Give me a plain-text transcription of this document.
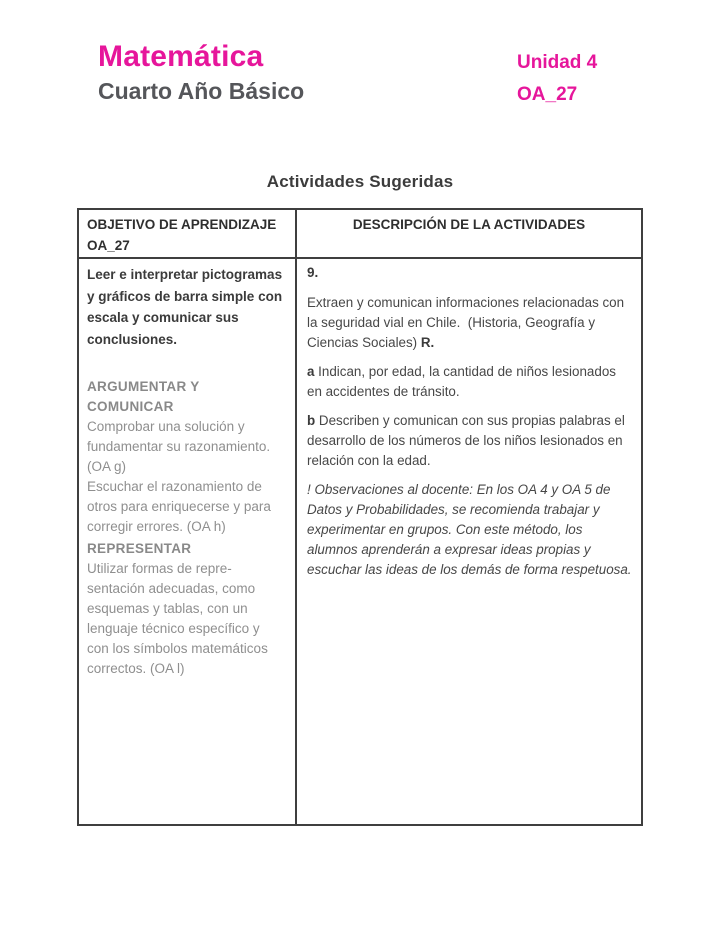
Matemática
Cuarto Año Básico
Unidad 4
OA_27
Actividades Sugeridas
OBJETIVO DE APRENDIZAJE
OA_27
DESCRIPCIÓN DE LA ACTIVIDADES
Leer e interpretar pictogramas
y gráficos de barra simple con
escala y comunicar sus
conclusiones.
ARGUMENTAR Y COMUNICAR
Comprobar una solución y
fundamentar su razonamiento.
(OA g)
Escuchar el razonamiento de
otros para enriquecerse y para
corregir errores. (OA h)
REPRESENTAR
Utilizar formas de repre-
sentación adecuadas, como
esquemas y tablas, con un
lenguaje técnico específico y
con los símbolos matemáticos
correctos. (OA l)
9.

Extraen y comunican informaciones relacionadas con la seguridad vial en Chile.  (Historia, Geografía y Ciencias Sociales) R.

a Indican, por edad, la cantidad de niños lesionados en accidentes de tránsito.

b Describen y comunican con sus propias palabras el desarrollo de los números de los niños lesionados en relación con la edad.

! Observaciones al docente: En los OA 4 y OA 5 de Datos y Probabilidades, se recomienda trabajar y experimentar en grupos. Con este método, los alumnos aprenderán a expresar ideas propias y escuchar las ideas de los demás de forma respetuosa.
